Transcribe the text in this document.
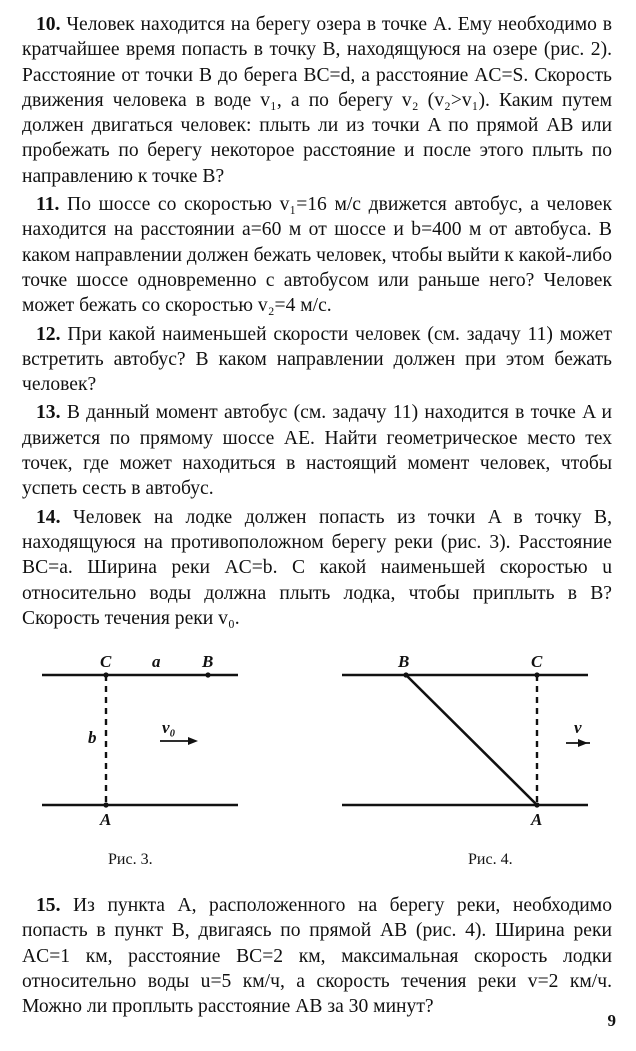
10. Человек находится на берегу озера в точке A. Ему необходимо в кратчайшее время попасть в точку B, находящуюся на озере (рис. 2). Расстояние от точки B до берега BC=d, а расстояние AC=S. Скорость движения человека в воде v₁, а по берегу v₂ (v₂>v₁). Каким путем должен двигаться человек: плыть ли из точки A по прямой AB или пробежать по берегу некоторое расстояние и после этого плыть по направлению к точке B?

11. По шоссе со скоростью v₁=16 м/с движется автобус, а человек находится на расстоянии a=60 м от шоссе и b=400 м от автобуса. В каком направлении должен бежать человек, чтобы выйти к какой-либо точке шоссе одновременно с автобусом или раньше него? Человек может бежать со скоростью v₂=4 м/с.

12. При какой наименьшей скорости человек (см. задачу 11) может встретить автобус? В каком направлении должен при этом бежать человек?

13. В данный момент автобус (см. задачу 11) находится в точке A и движется по прямому шоссе AE. Найти геометрическое место тех точек, где может находиться в настоящий момент человек, чтобы успеть сесть в автобус.

14. Человек на лодке должен попасть из точки A в точку B, находящуюся на противоположном берегу реки (рис. 3). Расстояние BC=a. Ширина реки AC=b. С какой наименьшей скоростью u относительно воды должна плыть лодка, чтобы приплыть в B? Скорость течения реки v₀.

C a B
b
v₀
A
Рис. 3.
B	C
v
A
Рис. 4.

15. Из пункта A, расположенного на берегу реки, необходимо попасть в пункт B, двигаясь по прямой AB (рис. 4). Ширина реки AC=1 км, расстояние BC=2 км, максимальная скорость лодки относительно воды u=5 км/ч, а скорость течения реки v=2 км/ч. Можно ли проплыть расстояние AB за 30 минут?

9
